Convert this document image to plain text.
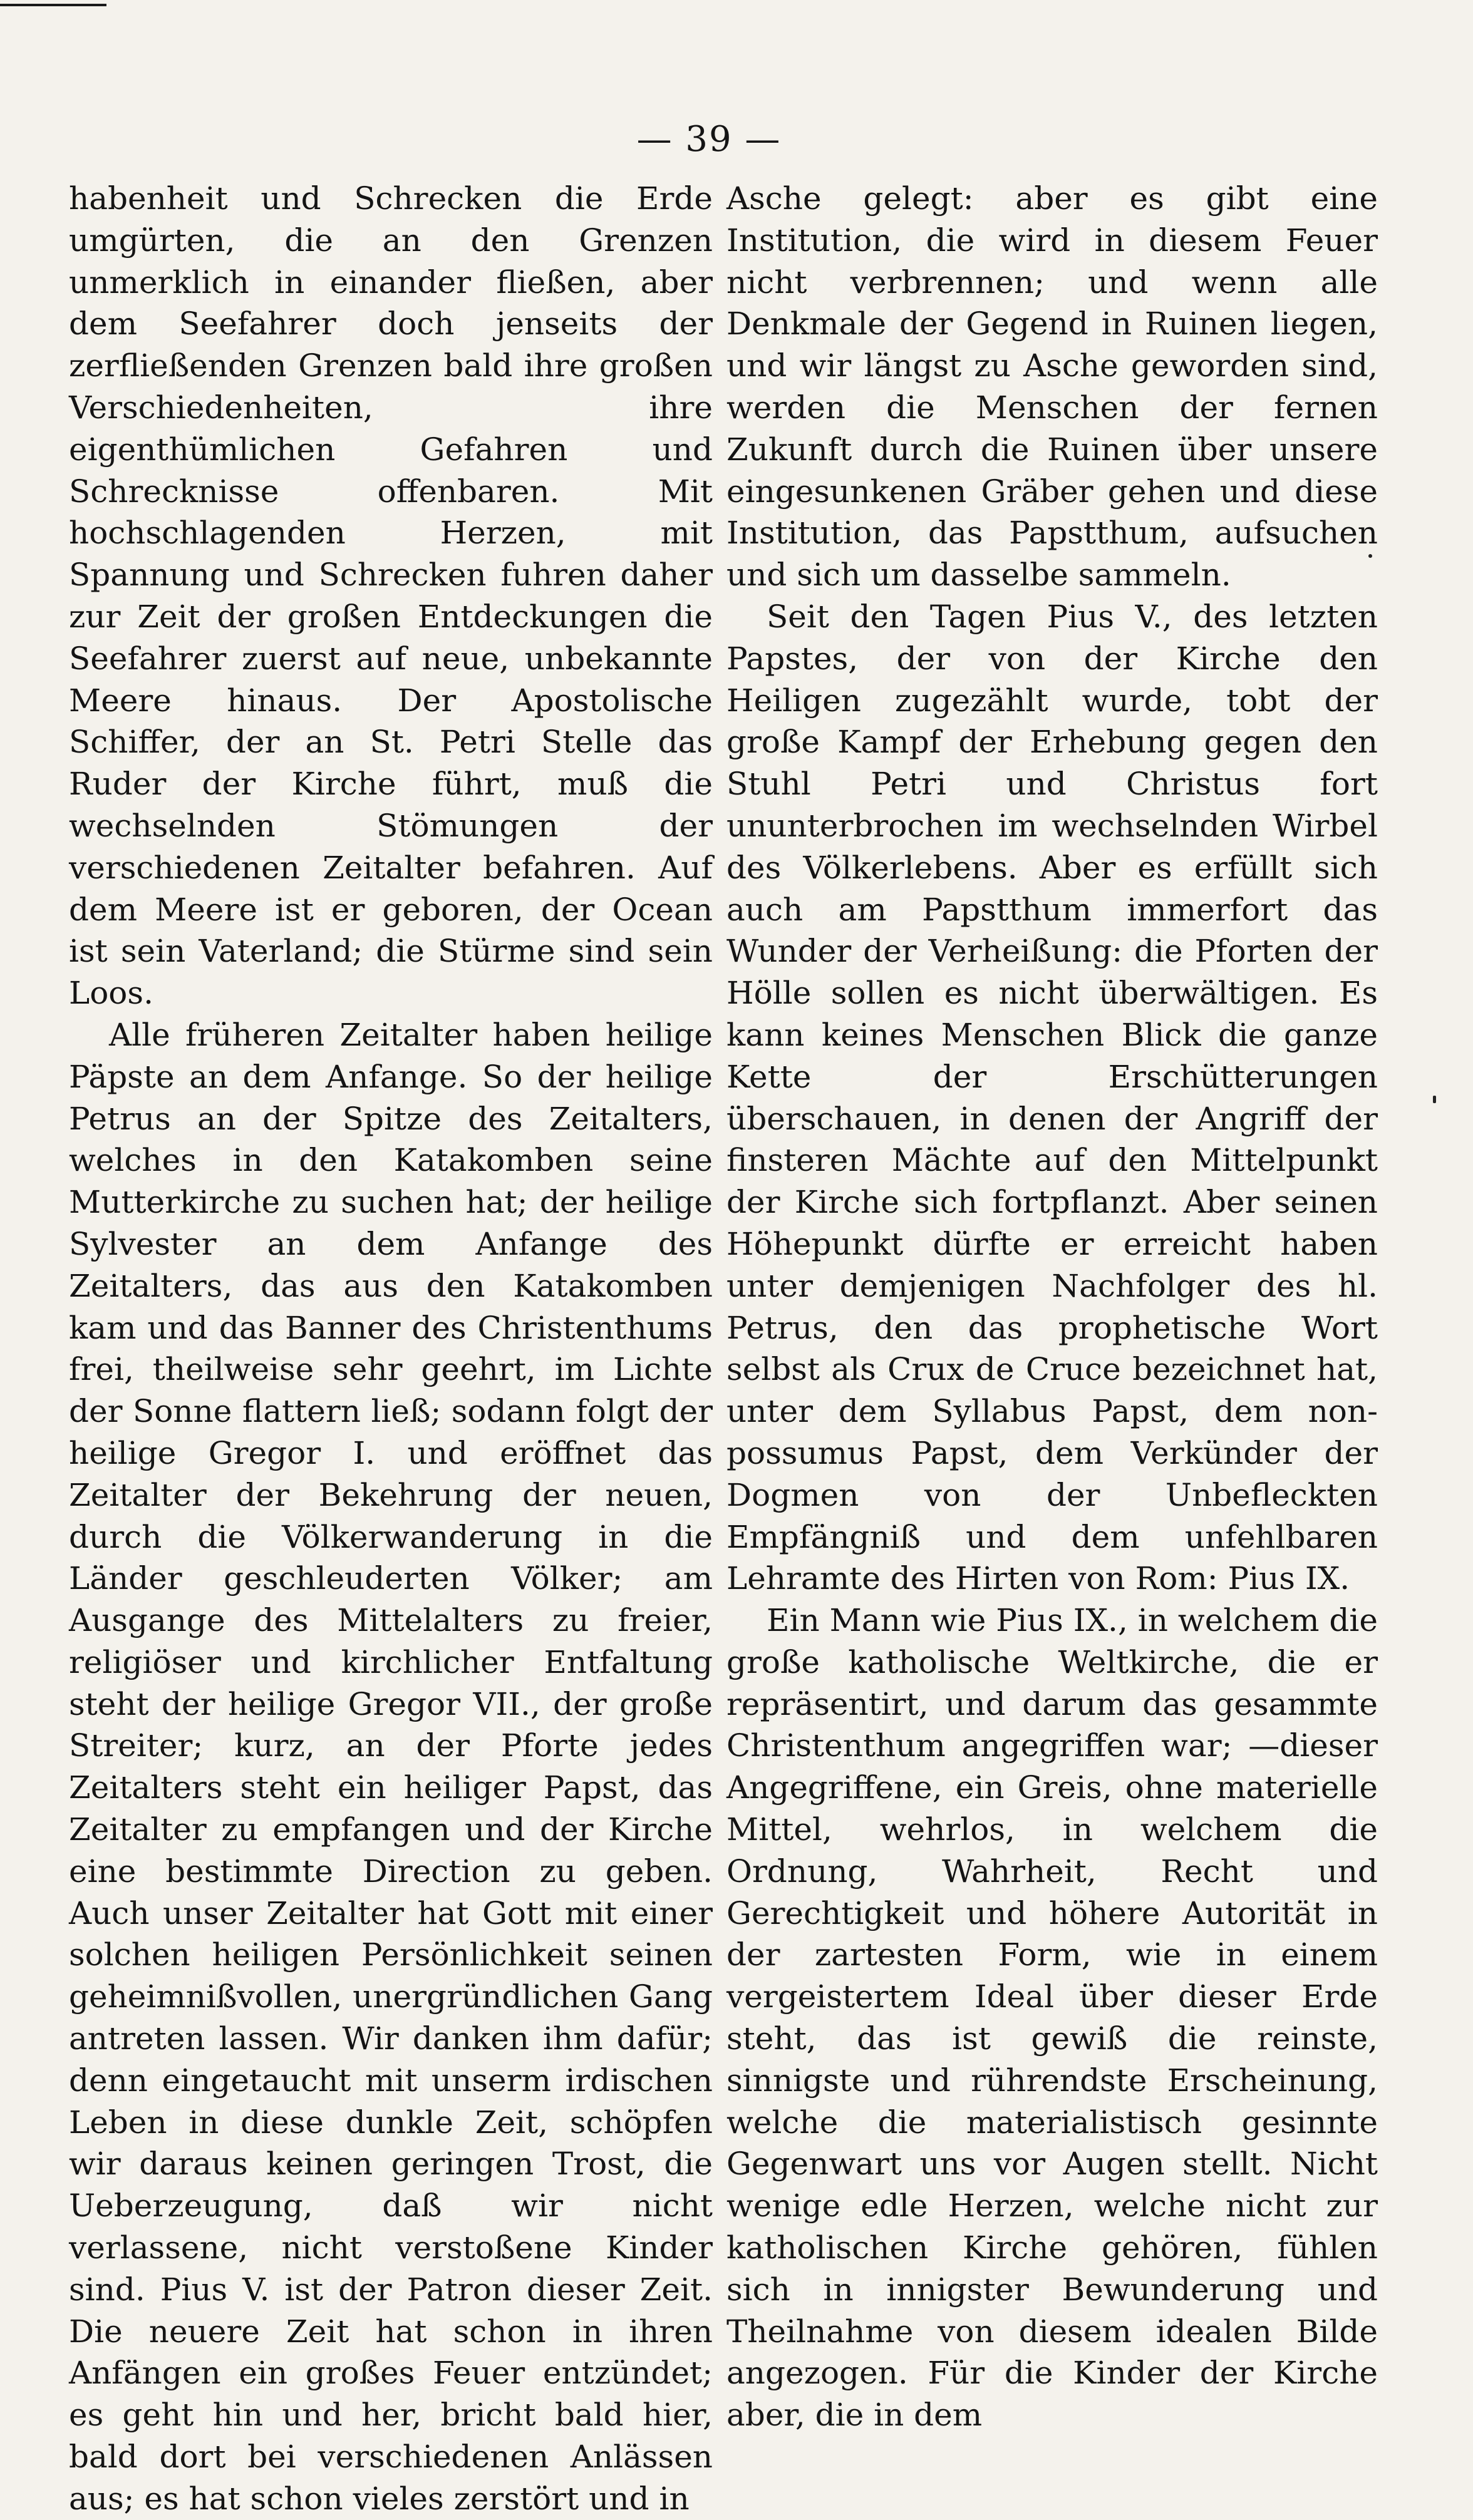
— 39 —

habenheit und Schrecken die Erde umgürten, die an den Grenzen unmerklich in einander fließen, aber dem Seefahrer doch jenseits der zerfließenden Grenzen bald ihre großen Verschiedenheiten, ihre eigenthümlichen Gefahren und Schrecknisse offenbaren. Mit hochschlagenden Herzen, mit Spannung und Schrecken fuhren daher zur Zeit der großen Entdeckungen die Seefahrer zuerst auf neue, unbekannte Meere hinaus. Der Apostolische Schiffer, der an St. Petri Stelle das Ruder der Kirche führt, muß die wechselnden Stömungen der verschiedenen Zeitalter befahren. Auf dem Meere ist er geboren, der Ocean ist sein Vaterland; die Stürme sind sein Loos.

Alle früheren Zeitalter haben heilige Päpste an dem Anfange. So der heilige Petrus an der Spitze des Zeitalters, welches in den Katakomben seine Mutterkirche zu suchen hat; der heilige Sylvester an dem Anfange des Zeitalters, das aus den Katakomben kam und das Banner des Christenthums frei, theilweise sehr geehrt, im Lichte der Sonne flattern ließ; sodann folgt der heilige Gregor I. und eröffnet das Zeitalter der Bekehrung der neuen, durch die Völkerwanderung in die Länder geschleuderten Völker; am Ausgange des Mittelalters zu freier, religiöser und kirchlicher Entfaltung steht der heilige Gregor VII., der große Streiter; kurz, an der Pforte jedes Zeitalters steht ein heiliger Papst, das Zeitalter zu empfangen und der Kirche eine bestimmte Direction zu geben. Auch unser Zeitalter hat Gott mit einer solchen heiligen Persönlichkeit seinen geheimnißvollen, unergründlichen Gang antreten lassen. Wir danken ihm dafür; denn eingetaucht mit unserm irdischen Leben in diese dunkle Zeit, schöpfen wir daraus keinen geringen Trost, die Ueberzeugung, daß wir nicht verlassene, nicht verstoßene Kinder sind. Pius V. ist der Patron dieser Zeit. Die neuere Zeit hat schon in ihren Anfängen ein großes Feuer entzündet; es geht hin und her, bricht bald hier, bald dort bei verschiedenen Anlässen aus; es hat schon vieles zerstört und in

Asche gelegt: aber es gibt eine Institution, die wird in diesem Feuer nicht verbrennen; und wenn alle Denkmale der Gegend in Ruinen liegen, und wir längst zu Asche geworden sind, werden die Menschen der fernen Zukunft durch die Ruinen über unsere eingesunkenen Gräber gehen und diese Institution, das Papstthum, aufsuchen und sich um dasselbe sammeln.

Seit den Tagen Pius V., des letzten Papstes, der von der Kirche den Heiligen zugezählt wurde, tobt der große Kampf der Erhebung gegen den Stuhl Petri und Christus fort ununterbrochen im wechselnden Wirbel des Völkerlebens. Aber es erfüllt sich auch am Papstthum immerfort das Wunder der Verheißung: die Pforten der Hölle sollen es nicht überwältigen. Es kann keines Menschen Blick die ganze Kette der Erschütterungen überschauen, in denen der Angriff der finsteren Mächte auf den Mittelpunkt der Kirche sich fortpflanzt. Aber seinen Höhepunkt dürfte er erreicht haben unter demjenigen Nachfolger des hl. Petrus, den das prophetische Wort selbst als Crux de Cruce bezeichnet hat, unter dem Syllabus Papst, dem non-possumus Papst, dem Verkünder der Dogmen von der Unbefleckten Empfängniß und dem unfehlbaren Lehramte des Hirten von Rom: Pius IX.

Ein Mann wie Pius IX., in welchem die große katholische Weltkirche, die er repräsentirt, und darum das gesammte Christenthum angegriffen war; —dieser Angegriffene, ein Greis, ohne materielle Mittel, wehrlos, in welchem die Ordnung, Wahrheit, Recht und Gerechtigkeit und höhere Autorität in der zartesten Form, wie in einem vergeistertem Ideal über dieser Erde steht, das ist gewiß die reinste, sinnigste und rührendste Erscheinung, welche die materialistisch gesinnte Gegenwart uns vor Augen stellt. Nicht wenige edle Herzen, welche nicht zur katholischen Kirche gehören, fühlen sich in innigster Bewunderung und Theilnahme von diesem idealen Bilde angezogen. Für die Kinder der Kirche aber, die in dem
